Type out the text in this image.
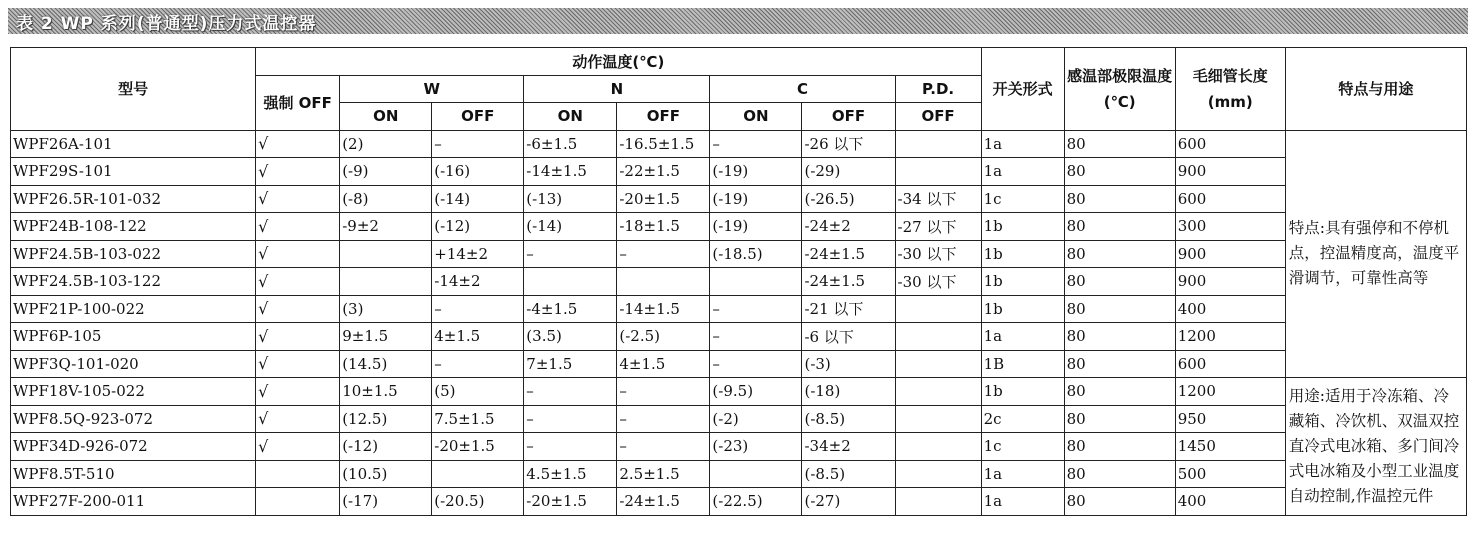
表 2 WP 系列(普通型)压力式温控器
型号	动作温度(℃)								开关形式	感温部极限温度(℃)	毛细管长度(mm)	特点与用途
	强制 OFF	W		N		C		P.D.				
		ON	OFF	ON	OFF	ON	OFF	OFF				
WPF26A-101	√	(2)	–	-6±1.5	-16.5±1.5	–	-26 以下		1a	80	600	特点:具有强停和不停机点，控温精度高，温度平滑调节，可靠性高等
WPF29S-101	√	(-9)	(-16)	-14±1.5	-22±1.5	(-19)	(-29)		1a	80	900	
WPF26.5R-101-032	√	(-8)	(-14)	(-13)	-20±1.5	(-19)	(-26.5)	-34 以下	1c	80	600	
WPF24B-108-122	√	-9±2	(-12)	(-14)	-18±1.5	(-19)	-24±2	-27 以下	1b	80	300	
WPF24.5B-103-022	√		+14±2	–	–	(-18.5)	-24±1.5	-30 以下	1b	80	900	
WPF24.5B-103-122	√		-14±2				-24±1.5	-30 以下	1b	80	900	
WPF21P-100-022	√	(3)	–	-4±1.5	-14±1.5	–	-21 以下		1b	80	400	
WPF6P-105	√	9±1.5	4±1.5	(3.5)	(-2.5)	–	-6 以下		1a	80	1200	
WPF3Q-101-020	√	(14.5)	–	7±1.5	4±1.5	–	(-3)		1B	80	600	
WPF18V-105-022	√	10±1.5	(5)	–	–	(-9.5)	(-18)		1b	80	1200	用途:适用于冷冻箱、冷藏箱、冷饮机、双温双控直冷式电冰箱、多门间冷式电冰箱及小型工业温度自动控制,作温控元件
WPF8.5Q-923-072	√	(12.5)	7.5±1.5	–	–	(-2)	(-8.5)		2c	80	950	
WPF34D-926-072	√	(-12)	-20±1.5	–	–	(-23)	-34±2		1c	80	1450	
WPF8.5T-510		(10.5)		4.5±1.5	2.5±1.5		(-8.5)		1a	80	500	
WPF27F-200-011		(-17)	(-20.5)	-20±1.5	-24±1.5	(-22.5)	(-27)		1a	80	400	
